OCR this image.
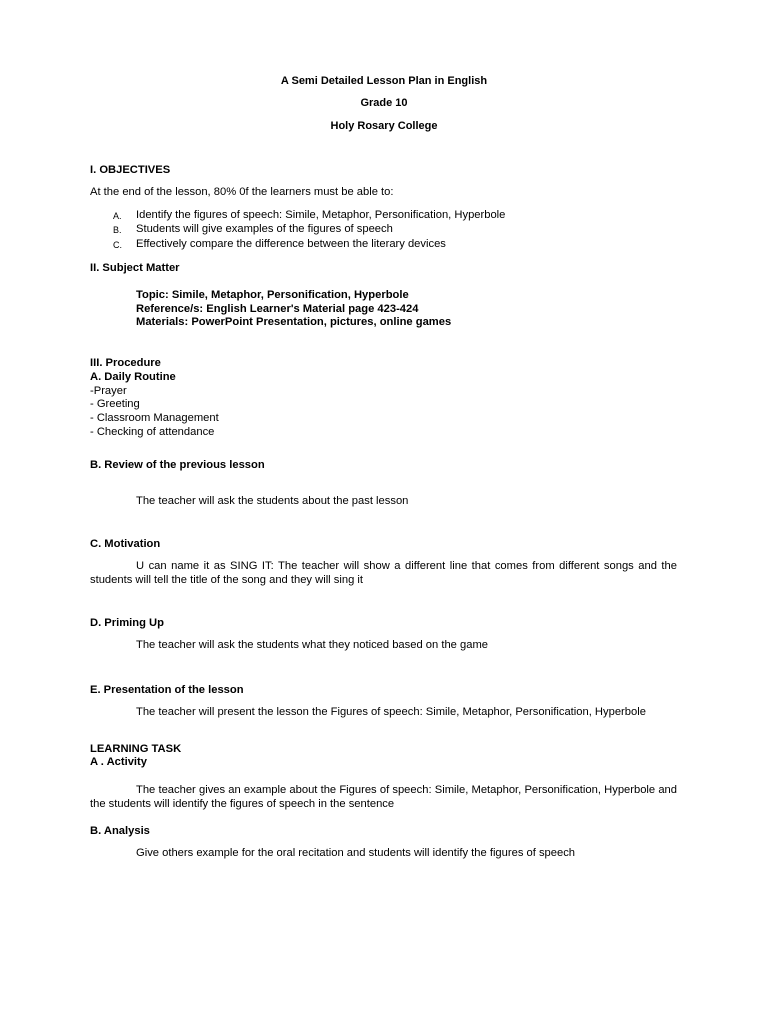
A Semi Detailed Lesson Plan in English
Grade 10
Holy Rosary College
I. OBJECTIVES
At the end of the lesson, 80% 0f the learners must be able to:
A. Identify the figures of speech: Simile, Metaphor, Personification, Hyperbole
B. Students will give examples of the figures of speech
C. Effectively compare the difference between the literary devices
II. Subject Matter
Topic: Simile, Metaphor, Personification, Hyperbole
Reference/s: English Learner's Material page 423-424
Materials: PowerPoint Presentation, pictures, online games
III. Procedure
A. Daily Routine
-Prayer
- Greeting
- Classroom Management
- Checking of attendance
B. Review of the previous lesson
The teacher will ask the students about the past lesson
C. Motivation
U can name it as SING IT: The teacher will show a different line that comes from different songs and the students will tell the title of the song and they will sing it
D. Priming Up
The teacher will ask the students what they noticed based on the game
E. Presentation of the lesson
The teacher will present the lesson the Figures of speech: Simile, Metaphor, Personification, Hyperbole
LEARNING TASK
A . Activity
The teacher gives an example about the Figures of speech: Simile, Metaphor, Personification, Hyperbole and the students will identify the figures of speech in the sentence
B. Analysis
Give others example for the oral recitation and students will identify the figures of speech
